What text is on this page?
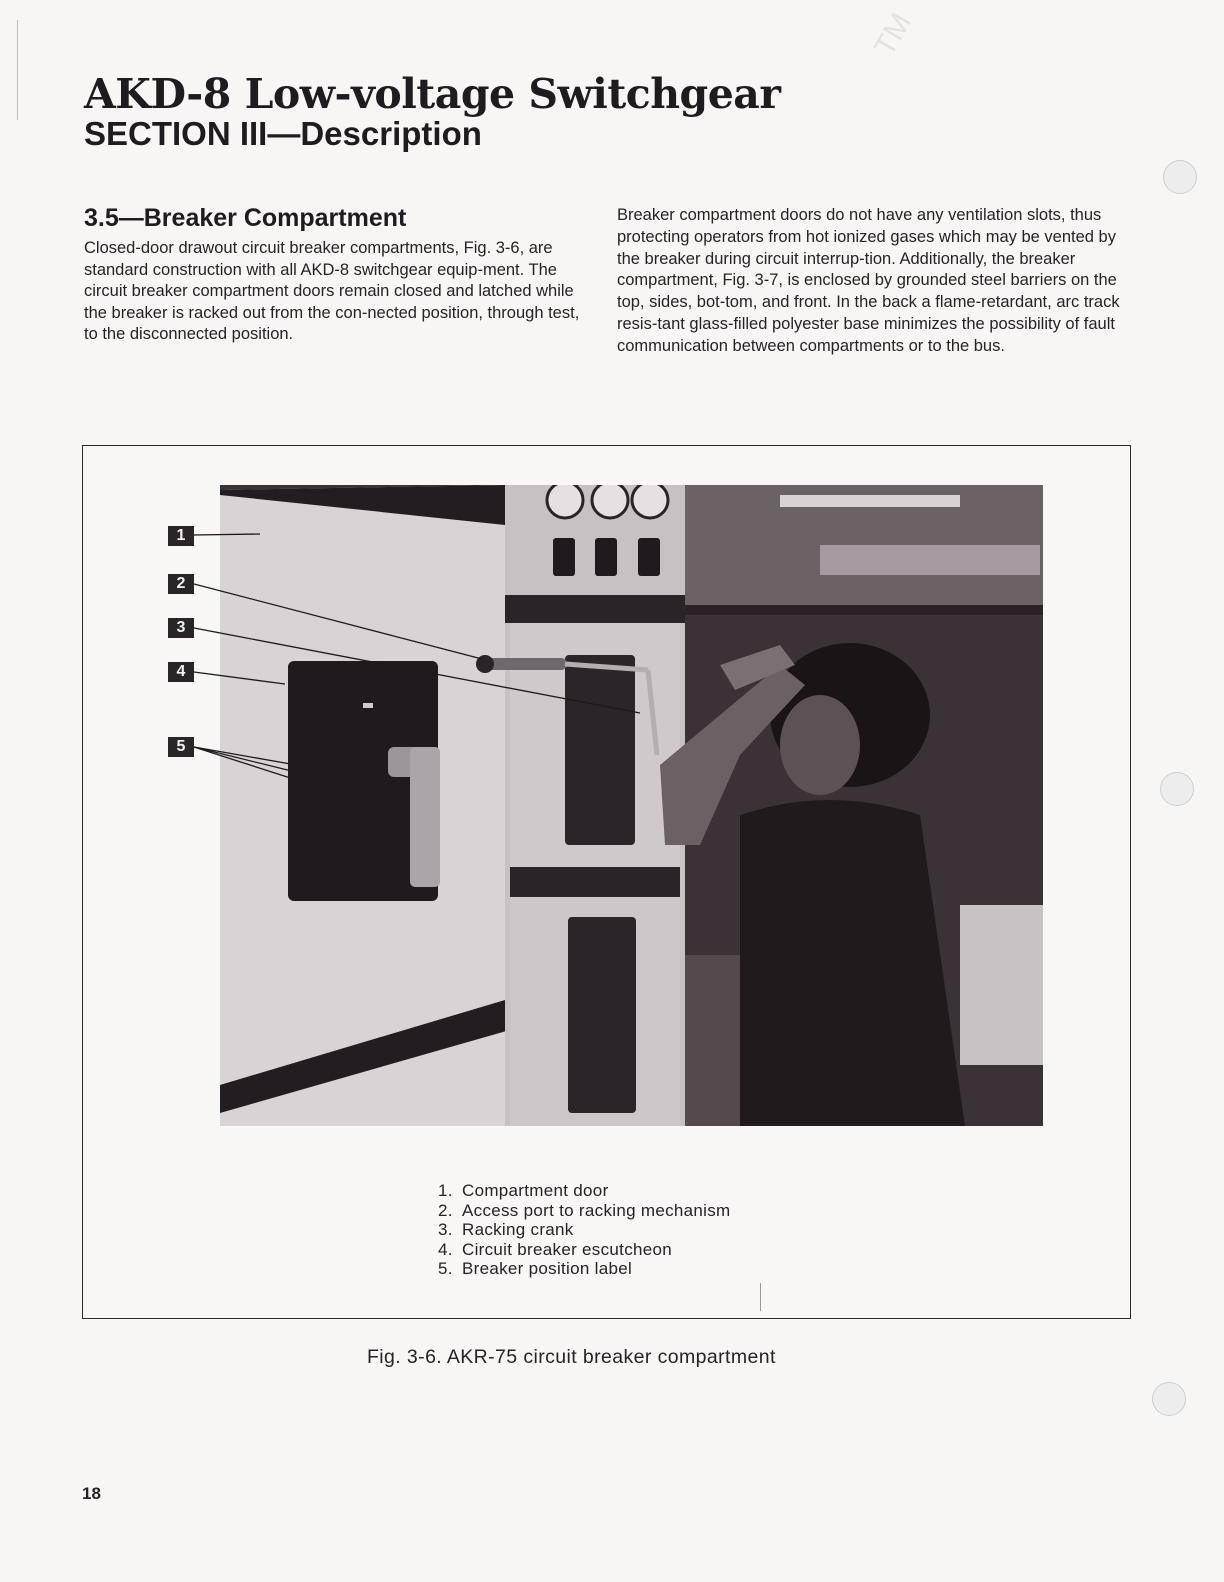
TM
AKD-8 Low-voltage Switchgear
SECTION III—Description
3.5—Breaker Compartment

Closed-door drawout circuit breaker compartments, Fig. 3-6, are standard construction with all AKD-8 switchgear equip-ment. The circuit breaker compartment doors remain closed and latched while the breaker is racked out from the con-nected position, through test, to the disconnected position.

Breaker compartment doors do not have any ventilation slots, thus protecting operators from hot ionized gases which may be vented by the breaker during circuit interrup-tion. Additionally, the breaker compartment, Fig. 3-7, is enclosed by grounded steel barriers on the top, sides, bot-tom, and front. In the back a flame-retardant, arc track resis-tant glass-filled polyester base minimizes the possibility of fault communication between compartments or to the bus.

1
2
3
4
5
1. Compartment door
2. Access port to racking mechanism
3. Racking crank
4. Circuit breaker escutcheon
5. Breaker position label

Fig. 3-6. AKR-75 circuit breaker compartment

18
